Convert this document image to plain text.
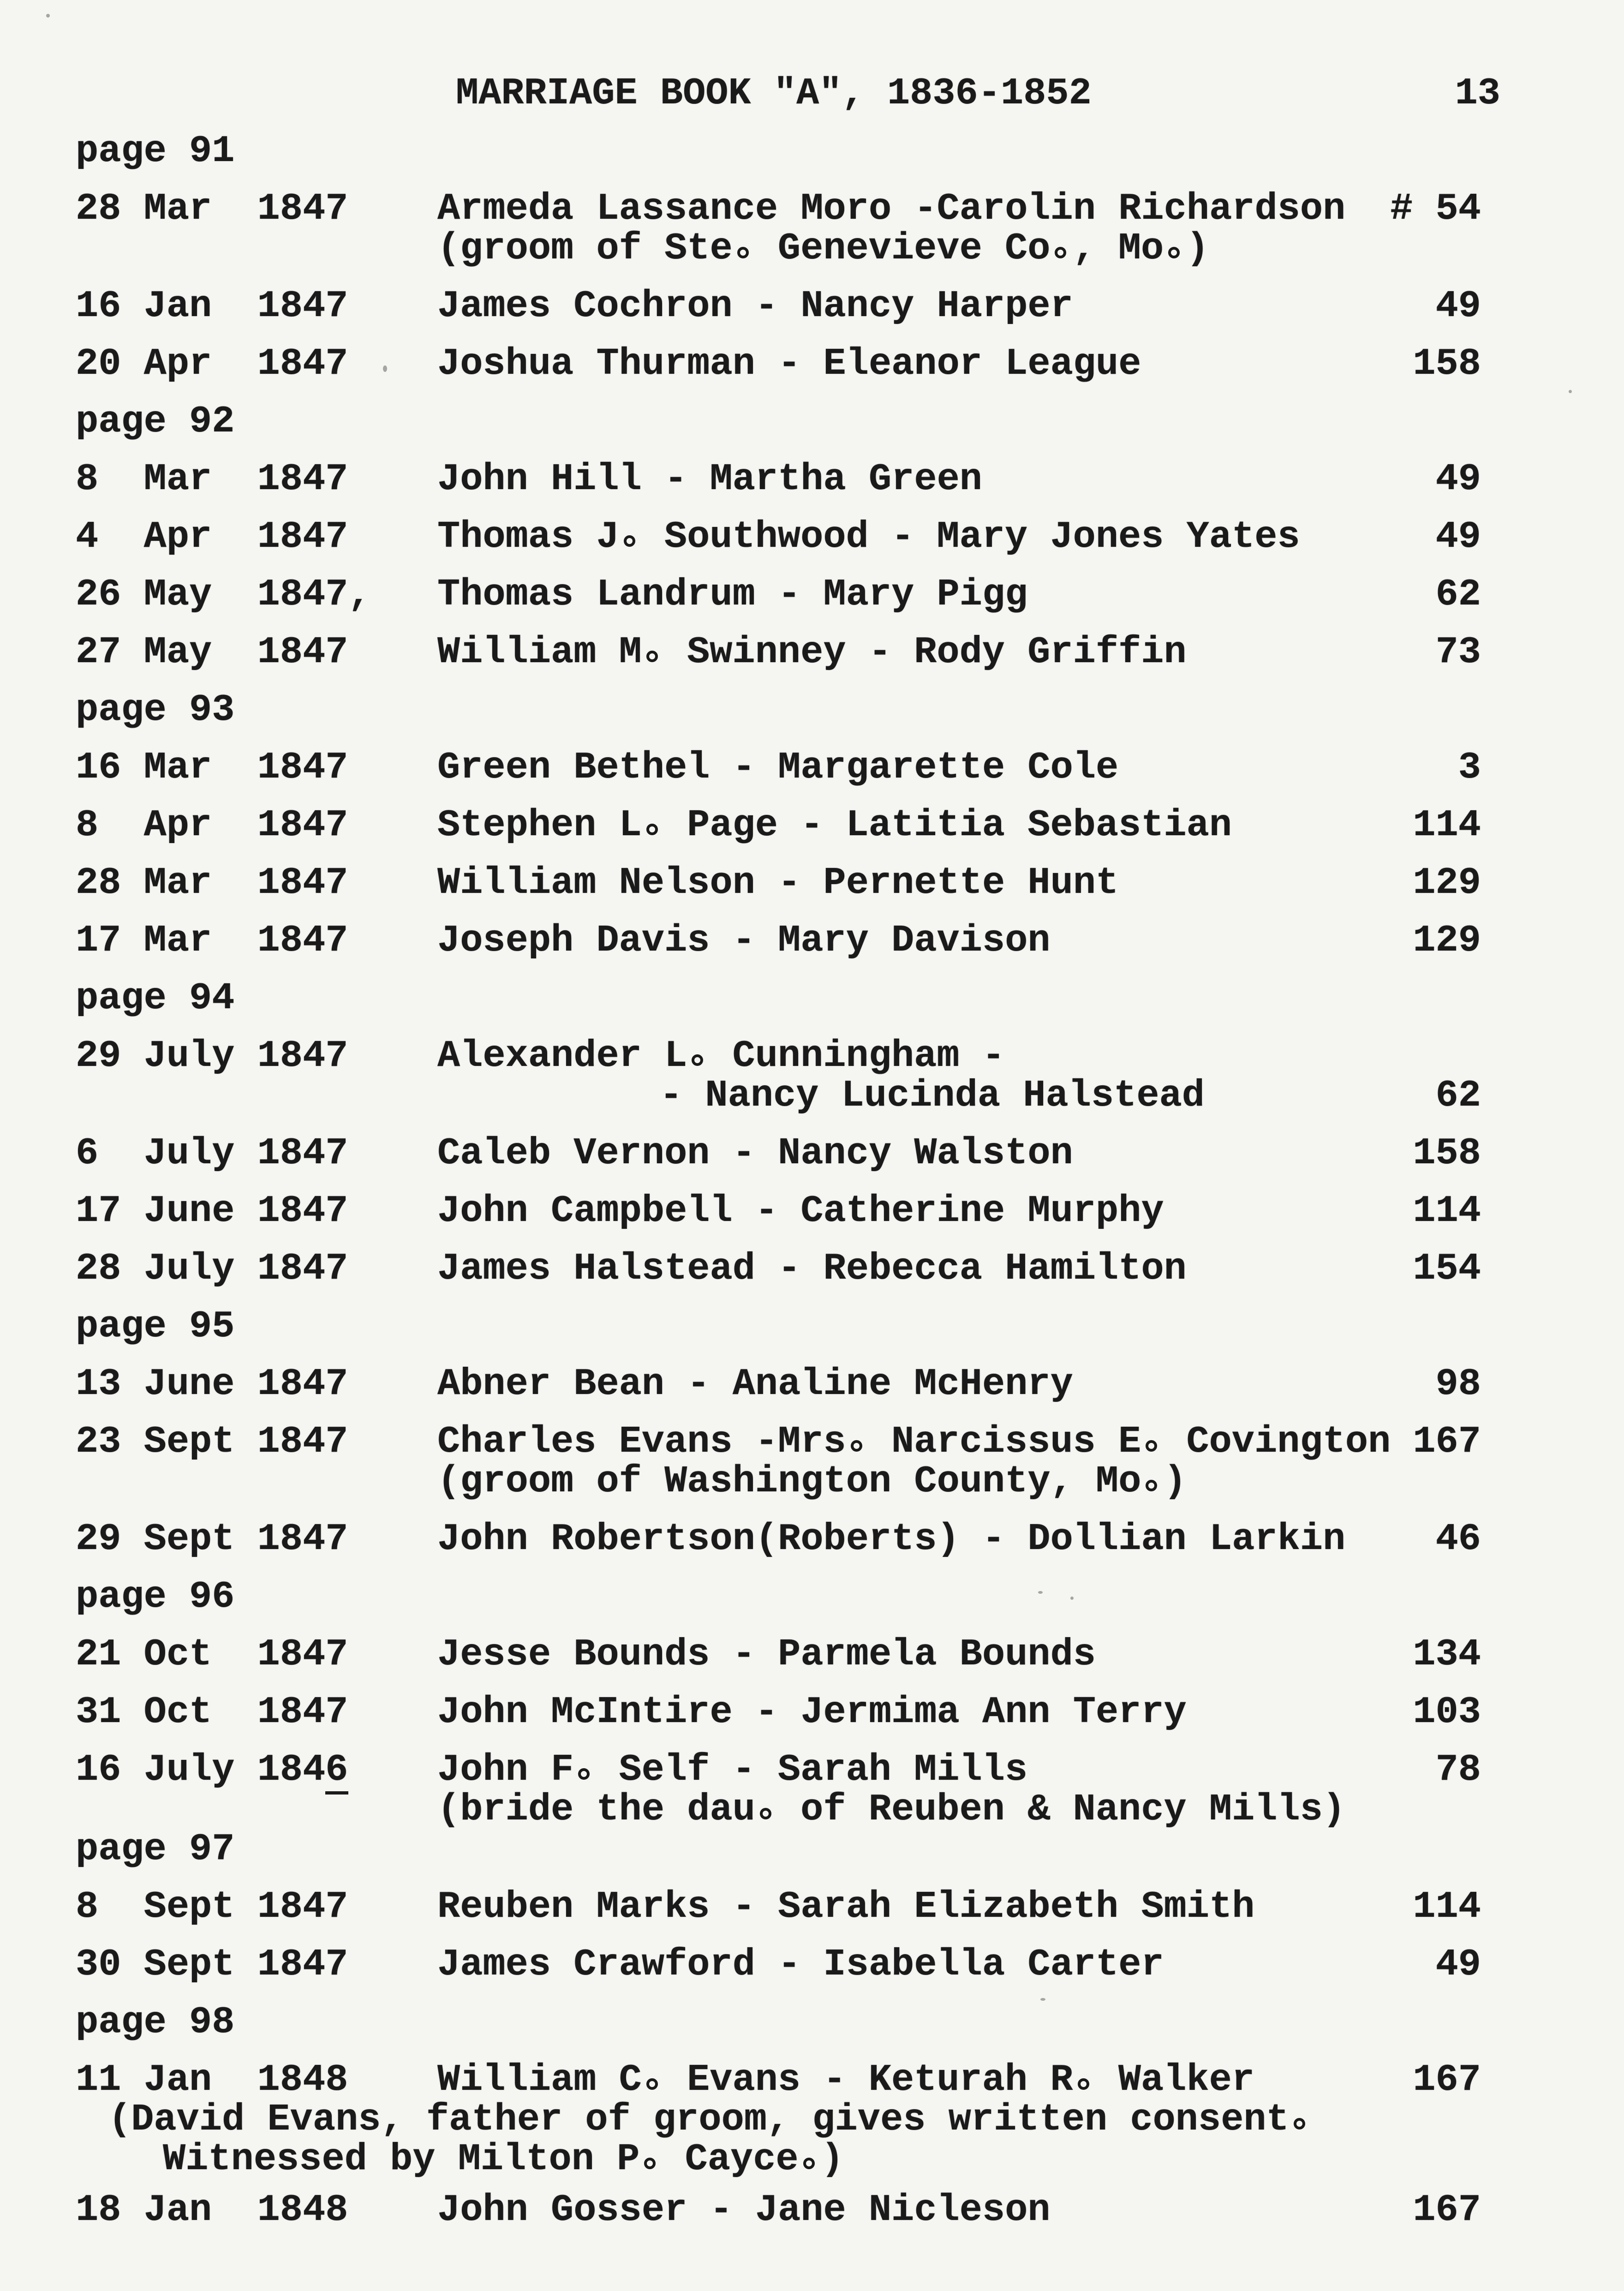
MARRIAGE BOOK "A", 1836-1852

	13

page 91
28 Mar  1847 Armeda Lassance Moro -Carolin Richardson # 54
(groom of Ste Genevieve Co , Mo )
16 Jan  1847 James Cochron - Nancy Harper	49
20 Apr  1847 Joshua Thurman - Eleanor League	158
page 92
8  Mar  1847 John Hill - Martha Green	49
4  Apr  1847 Thomas J Southwood - Mary Jones Yates	49
26 May  1847, Thomas Landrum - Mary Pigg	62
27 May  1847 William M Swinney - Rody Griffin	73
page 93
16 Mar  1847 Green Bethel - Margarette Cole	3
8  Apr  1847 Stephen L Page - Latitia Sebastian	114
28 Mar  1847 William Nelson - Pernette Hunt	129
17 Mar  1847 Joseph Davis - Mary Davison	129
page 94
29 July 1847 Alexander L Cunningham -
- Nancy Lucinda Halstead	62
6  July 1847 Caleb Vernon - Nancy Walston	158
17 June 1847 John Campbell - Catherine Murphy	114
28 July 1847 James Halstead - Rebecca Hamilton	154
page 95
13 June 1847 Abner Bean - Analine McHenry	98
23 Sept 1847 Charles Evans -Mrs Narcissus E Covington 167
(groom of Washington County, Mo )
29 Sept 1847 John Robertson(Roberts) - Dollian Larkin 46
page 96
21 Oct  1847 Jesse Bounds - Parmela Bounds	134
31 Oct  1847 John McIntire - Jermima Ann Terry	103
16 July 1846 John F Self - Sarah Mills	78
(bride the dau of Reuben & Nancy Mills)
page 97
8  Sept 1847 Reuben Marks - Sarah Elizabeth Smith	114
30 Sept 1847 James Crawford - Isabella Carter	49
page 98
11 Jan  1848 William C Evans - Keturah R Walker	167
(David Evans, father of groom, gives written consent
Witnessed by Milton P Cayce )
18 Jan  1848 John Gosser - Jane Nicleson	167
